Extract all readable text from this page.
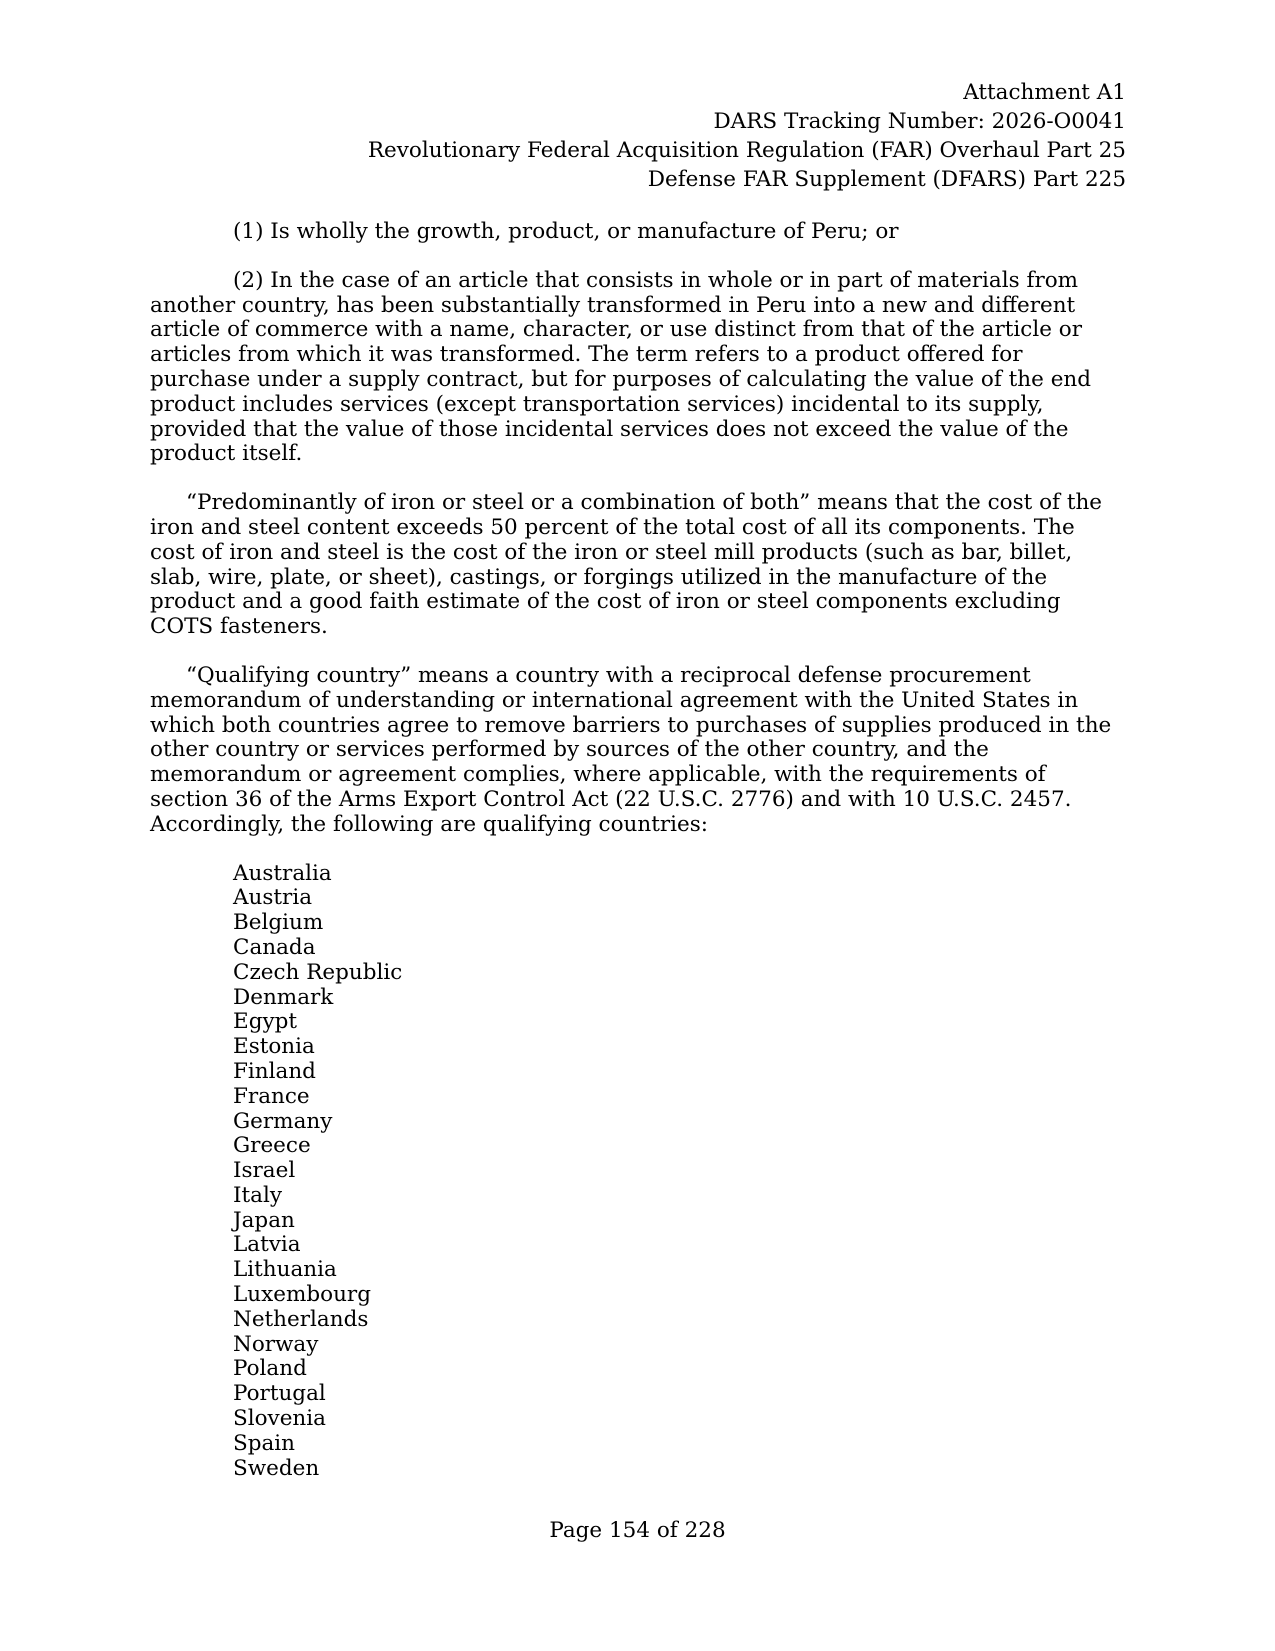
Attachment A1
DARS Tracking Number: 2026-O0041
Revolutionary Federal Acquisition Regulation (FAR) Overhaul Part 25
Defense FAR Supplement (DFARS) Part 225

(1) Is wholly the growth, product, or manufacture of Peru; or

(2) In the case of an article that consists in whole or in part of materials from another country, has been substantially transformed in Peru into a new and different article of commerce with a name, character, or use distinct from that of the article or articles from which it was transformed. The term refers to a product offered for purchase under a supply contract, but for purposes of calculating the value of the end product includes services (except transportation services) incidental to its supply, provided that the value of those incidental services does not exceed the value of the product itself.

“Predominantly of iron or steel or a combination of both” means that the cost of the iron and steel content exceeds 50 percent of the total cost of all its components. The cost of iron and steel is the cost of the iron or steel mill products (such as bar, billet, slab, wire, plate, or sheet), castings, or forgings utilized in the manufacture of the product and a good faith estimate of the cost of iron or steel components excluding COTS fasteners.

“Qualifying country” means a country with a reciprocal defense procurement memorandum of understanding or international agreement with the United States in which both countries agree to remove barriers to purchases of supplies produced in the other country or services performed by sources of the other country, and the memorandum or agreement complies, where applicable, with the requirements of section 36 of the Arms Export Control Act (22 U.S.C. 2776) and with 10 U.S.C. 2457. Accordingly, the following are qualifying countries:

Australia
Austria
Belgium
Canada
Czech Republic
Denmark
Egypt
Estonia
Finland
France
Germany
Greece
Israel
Italy
Japan
Latvia
Lithuania
Luxembourg
Netherlands
Norway
Poland
Portugal
Slovenia
Spain
Sweden
Page 154 of 228
